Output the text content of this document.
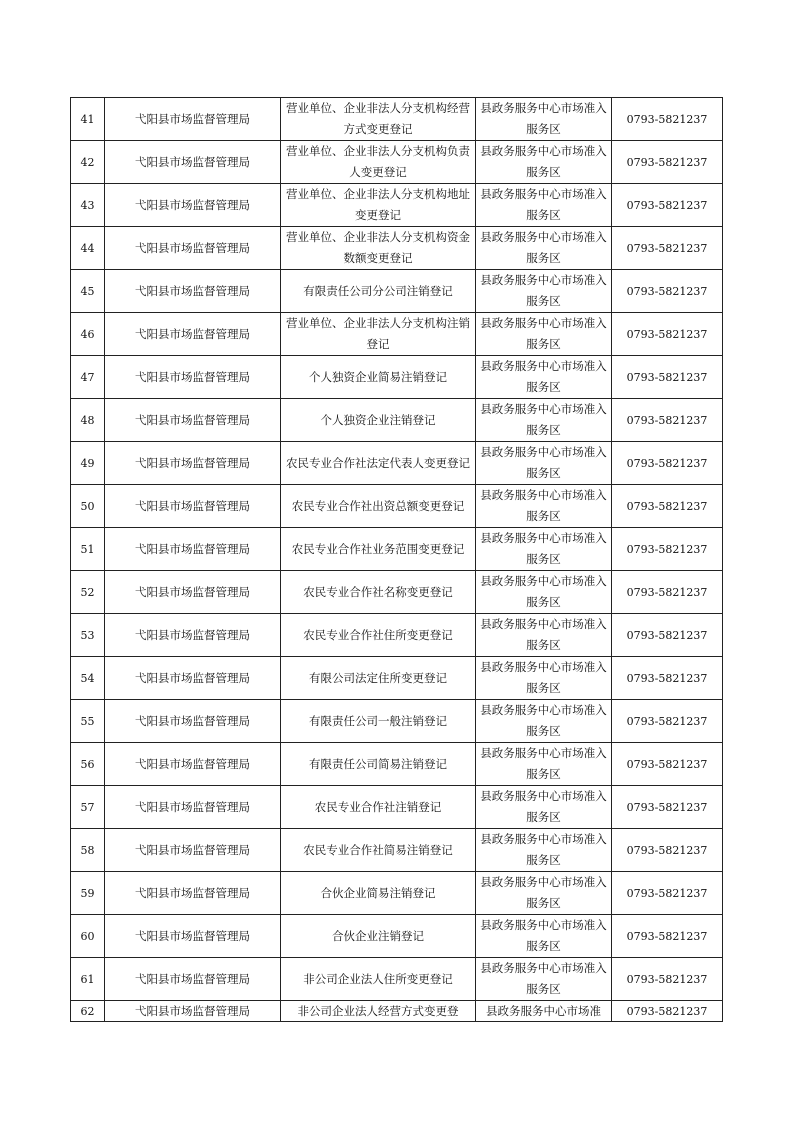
41	弋阳县市场监督管理局	营业单位、企业非法人分支机构经营方式变更登记	县政务服务中心市场准入服务区	0793-5821237
42	弋阳县市场监督管理局	营业单位、企业非法人分支机构负责人变更登记	县政务服务中心市场准入服务区	0793-5821237
43	弋阳县市场监督管理局	营业单位、企业非法人分支机构地址变更登记	县政务服务中心市场准入服务区	0793-5821237
44	弋阳县市场监督管理局	营业单位、企业非法人分支机构资金数额变更登记	县政务服务中心市场准入服务区	0793-5821237
45	弋阳县市场监督管理局	有限责任公司分公司注销登记	县政务服务中心市场准入服务区	0793-5821237
46	弋阳县市场监督管理局	营业单位、企业非法人分支机构注销登记	县政务服务中心市场准入服务区	0793-5821237
47	弋阳县市场监督管理局	个人独资企业简易注销登记	县政务服务中心市场准入服务区	0793-5821237
48	弋阳县市场监督管理局	个人独资企业注销登记	县政务服务中心市场准入服务区	0793-5821237
49	弋阳县市场监督管理局	农民专业合作社法定代表人变更登记	县政务服务中心市场准入服务区	0793-5821237
50	弋阳县市场监督管理局	农民专业合作社出资总额变更登记	县政务服务中心市场准入服务区	0793-5821237
51	弋阳县市场监督管理局	农民专业合作社业务范围变更登记	县政务服务中心市场准入服务区	0793-5821237
52	弋阳县市场监督管理局	农民专业合作社名称变更登记	县政务服务中心市场准入服务区	0793-5821237
53	弋阳县市场监督管理局	农民专业合作社住所变更登记	县政务服务中心市场准入服务区	0793-5821237
54	弋阳县市场监督管理局	有限公司法定住所变更登记	县政务服务中心市场准入服务区	0793-5821237
55	弋阳县市场监督管理局	有限责任公司一般注销登记	县政务服务中心市场准入服务区	0793-5821237
56	弋阳县市场监督管理局	有限责任公司简易注销登记	县政务服务中心市场准入服务区	0793-5821237
57	弋阳县市场监督管理局	农民专业合作社注销登记	县政务服务中心市场准入服务区	0793-5821237
58	弋阳县市场监督管理局	农民专业合作社简易注销登记	县政务服务中心市场准入服务区	0793-5821237
59	弋阳县市场监督管理局	合伙企业简易注销登记	县政务服务中心市场准入服务区	0793-5821237
60	弋阳县市场监督管理局	合伙企业注销登记	县政务服务中心市场准入服务区	0793-5821237
61	弋阳县市场监督管理局	非公司企业法人住所变更登记	县政务服务中心市场准入服务区	0793-5821237
62	弋阳县市场监督管理局	非公司企业法人经营方式变更登	县政务服务中心市场准	0793-5821237
